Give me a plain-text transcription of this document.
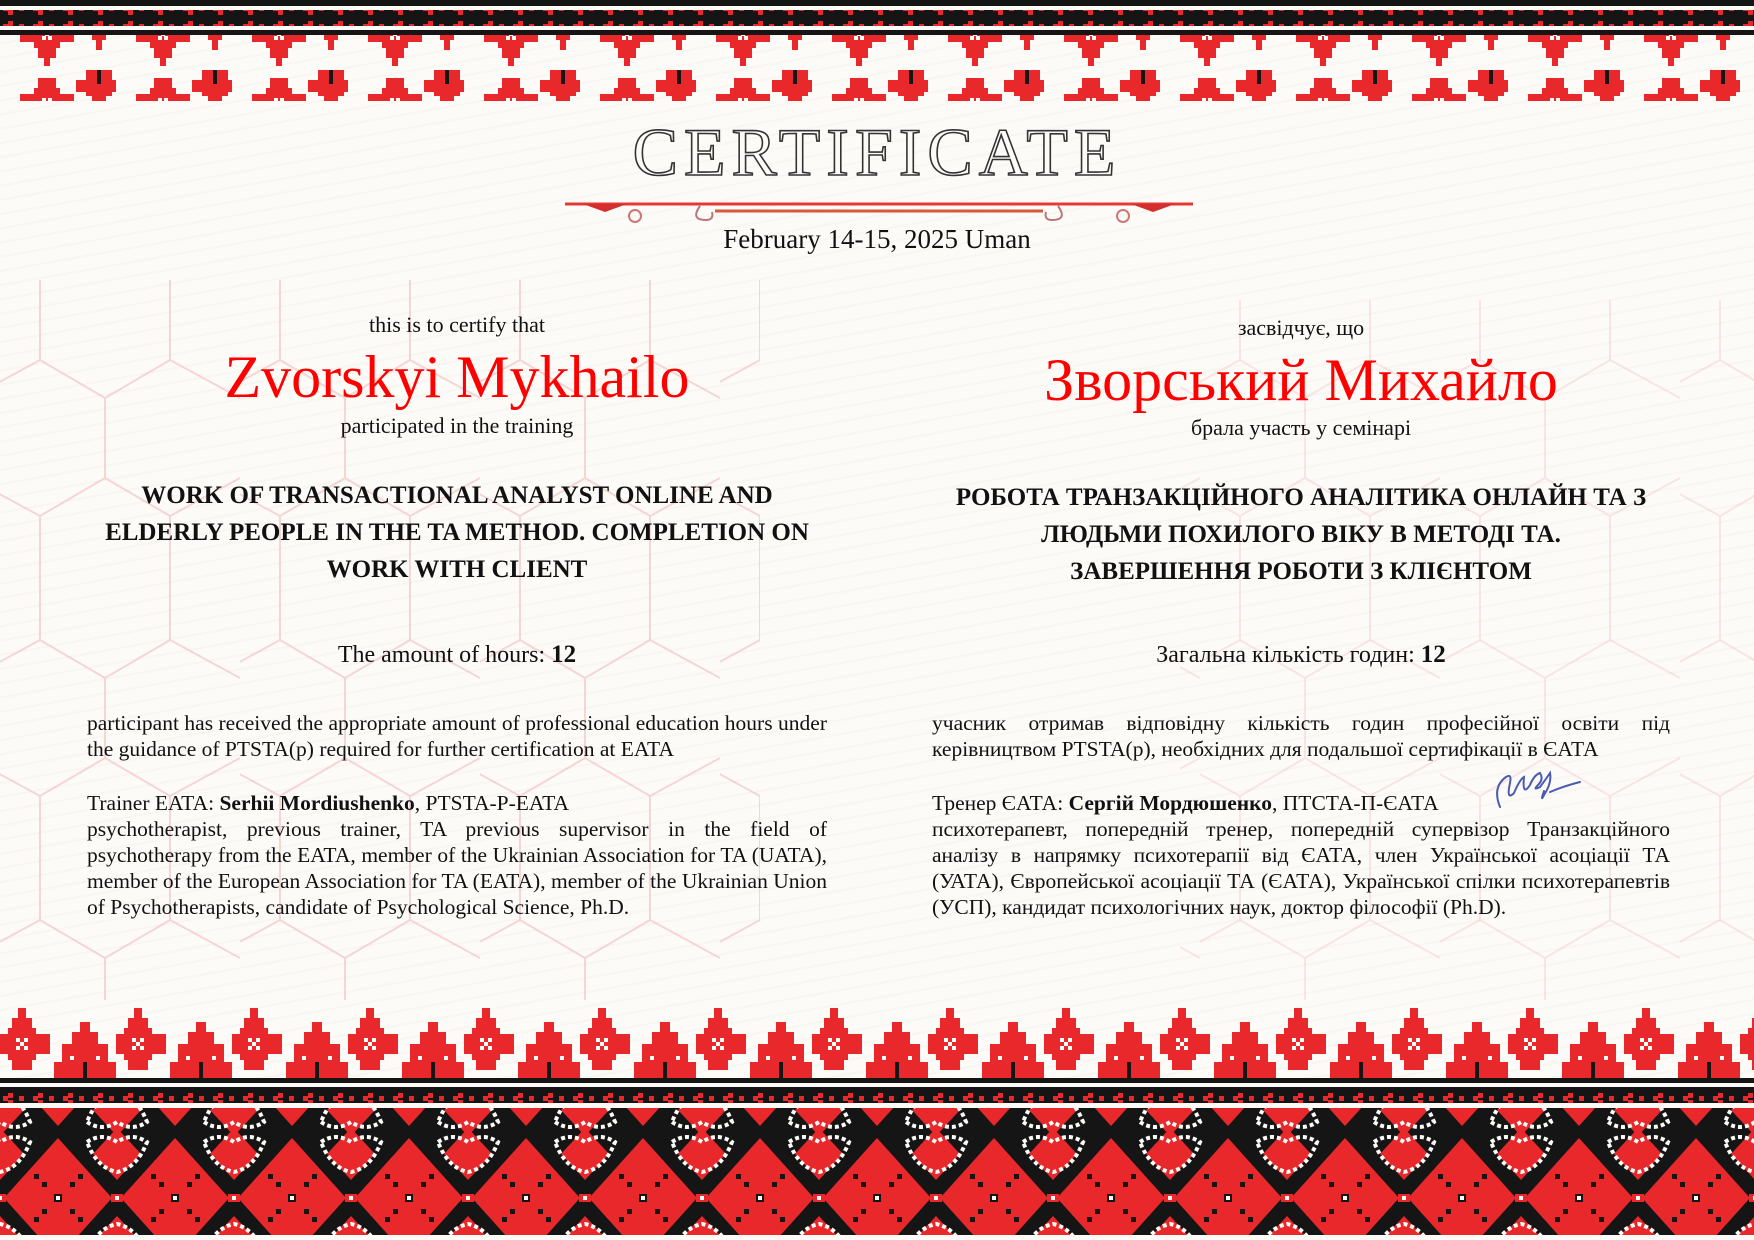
CERTIFICATE
February 14-15, 2025 Uman
this is to certify that
Zvorskyi Mykhailo
participated in the training
WORK OF TRANSACTIONAL ANALYST ONLINE AND
ELDERLY PEOPLE IN THE TA METHOD. COMPLETION ON
WORK WITH CLIENT
The amount of hours: 12
participant has received the appropriate amount of professional education hours under the guidance of PTSTA(p) required for further certification at EATA
Trainer EATA: Serhii Mordiushenko, PTSTA-P-EATA
psychotherapist, previous trainer, TA previous supervisor in the field of psychotherapy from the EATA, member of the Ukrainian Association for TA (UATA), member of the European Association for TA (EATA), member of the Ukrainian Union of Psychotherapists, candidate of Psychological Science, Ph.D.
засвідчує, що
Зворський Михайло
брала участь у семінарі
РОБОТА ТРАНЗАКЦІЙНОГО АНАЛІТИКА ОНЛАЙН ТА З
ЛЮДЬМИ ПОХИЛОГО ВІКУ В МЕТОДІ ТА.
ЗАВЕРШЕННЯ РОБОТИ З КЛІЄНТОМ
Загальна кількість годин: 12
учасник отримав відповідну кількість годин професійної освіти під керівництвом PTSTA(p), необхідних для подальшої сертифікації в ЄАТА
Тренер ЄАТА: Сергій Мордюшенко, ПТСТА-П-ЄАТА
психотерапевт, попередній тренер, попередній супервізор Транзакційного аналізу в напрямку психотерапії від ЄАТА, член Української асоціації ТА (УАТА), Європейської асоціації ТА (ЄАТА), Української спілки психотерапевтів (УСП), кандидат психологічних наук, доктор філософії (Ph.D).
